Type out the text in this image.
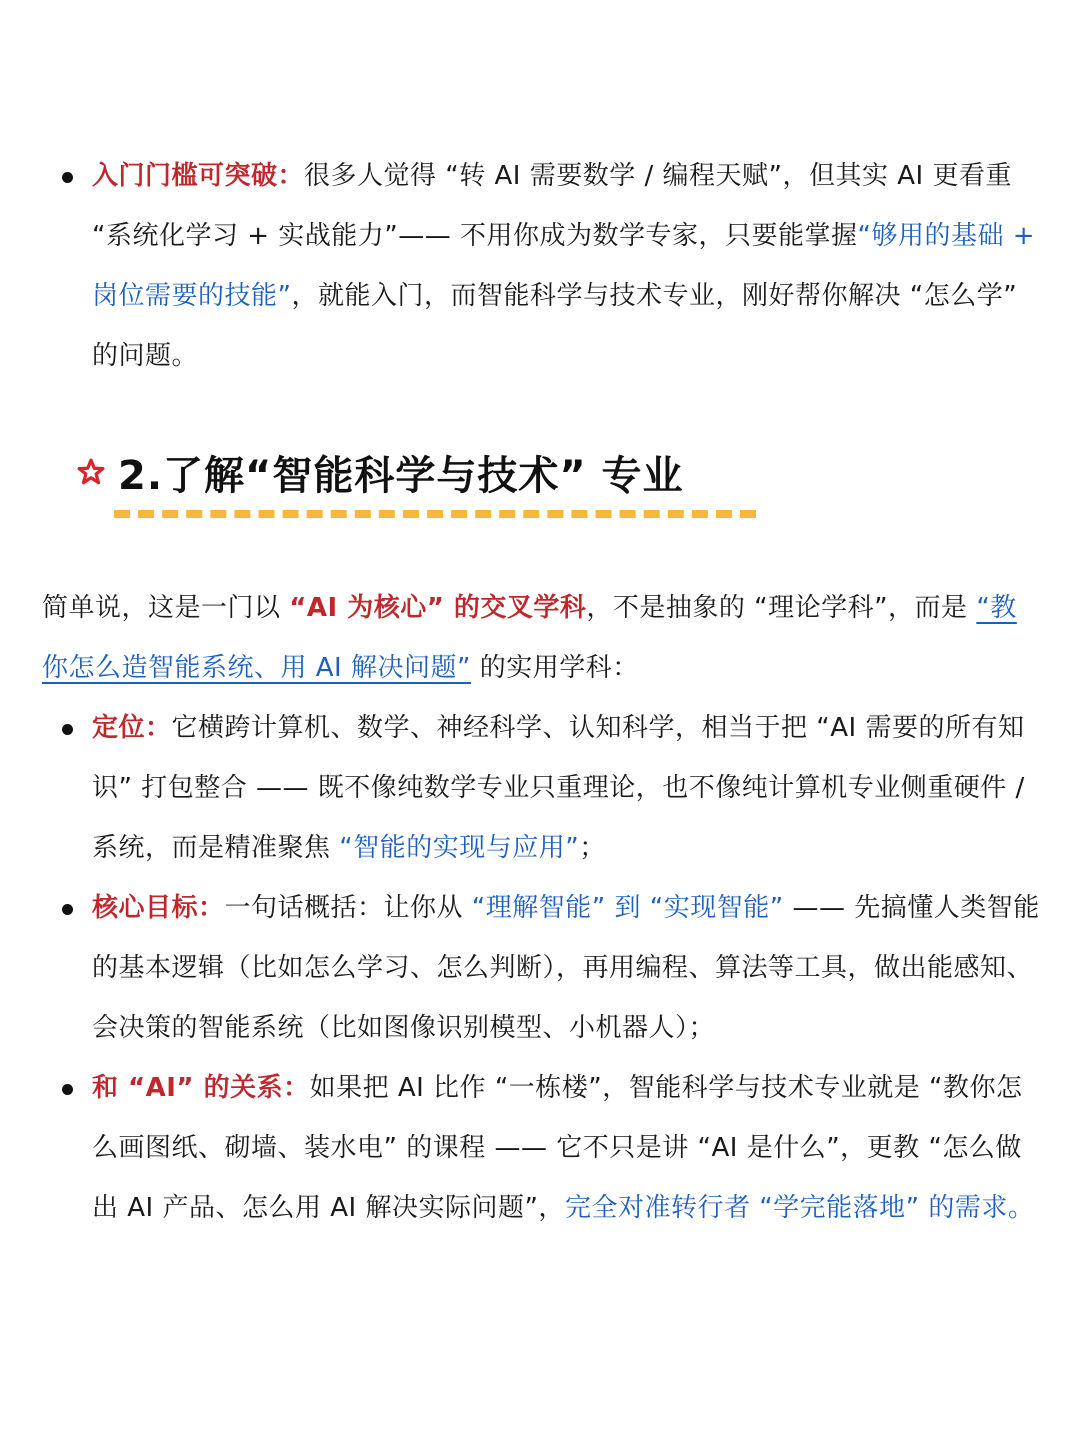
入门门槛可突破：很多人觉得 “转 AI 需要数学 / 编程天赋”，但其实 AI 更看重 “系统化学习 + 实战能力”—— 不用你成为数学专家，只要能掌握“够用的基础 + 岗位需要的技能”，就能入门，而智能科学与技术专业，刚好帮你解决 “怎么学” 的问题。
2.了解“智能科学与技术” 专业
简单说，这是一门以 “AI 为核心” 的交叉学科，不是抽象的 “理论学科”，而是 “教你怎么造智能系统、用 AI 解决问题” 的实用学科：
定位：它横跨计算机、数学、神经科学、认知科学，相当于把 “AI 需要的所有知识” 打包整合 —— 既不像纯数学专业只重理论，也不像纯计算机专业侧重硬件 / 系统，而是精准聚焦 “智能的实现与应用”；
核心目标：一句话概括：让你从 “理解智能” 到 “实现智能” —— 先搞懂人类智能的基本逻辑（比如怎么学习、怎么判断），再用编程、算法等工具，做出能感知、会决策的智能系统（比如图像识别模型、小机器人）；
和 “AI” 的关系：如果把 AI 比作 “一栋楼”，智能科学与技术专业就是 “教你怎么画图纸、砌墙、装水电” 的课程 —— 它不只是讲 “AI 是什么”，更教 “怎么做出 AI 产品、怎么用 AI 解决实际问题”，完全对准转行者 “学完能落地” 的需求。
